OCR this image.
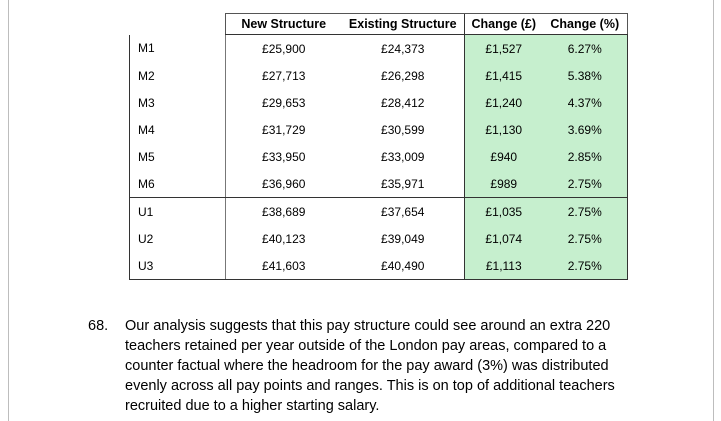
	New Structure	Existing Structure	Change (£)	Change (%)
M1	£25,900	£24,373	£1,527	6.27%
M2	£27,713	£26,298	£1,415	5.38%
M3	£29,653	£28,412	£1,240	4.37%
M4	£31,729	£30,599	£1,130	3.69%
M5	£33,950	£33,009	£940	2.85%
M6	£36,960	£35,971	£989	2.75%
U1	£38,689	£37,654	£1,035	2.75%
U2	£40,123	£39,049	£1,074	2.75%
U3	£41,603	£40,490	£1,113	2.75%
68. Our analysis suggests that this pay structure could see around an extra 220
teachers retained per year outside of the London pay areas, compared to a
counter factual where the headroom for the pay award (3%) was distributed
evenly across all pay points and ranges. This is on top of additional teachers
recruited due to a higher starting salary.
